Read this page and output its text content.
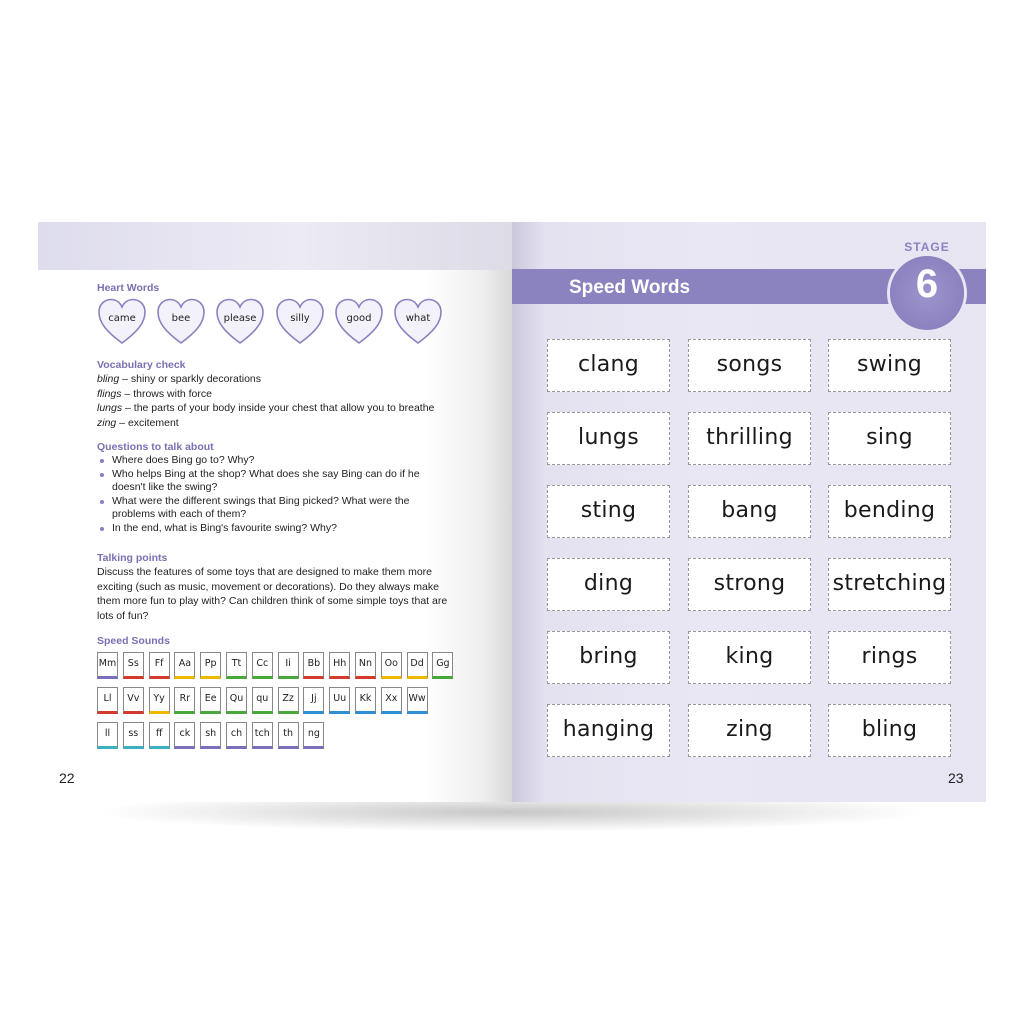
Heart Words
came	bee	please	silly	good	what
Vocabulary check
bling – shiny or sparkly decorations
flings – throws with force
lungs – the parts of your body inside your chest that allow you to breathe
zing – excitement
Questions to talk about
Where does Bing go to? Why?
Who helps Bing at the shop? What does she say Bing can do if he doesn't like the swing?
What were the different swings that Bing picked? What were the problems with each of them?
In the end, what is Bing's favourite swing? Why?
Talking points
Discuss the features of some toys that are designed to make them more exciting (such as music, movement or decorations). Do they always make them more fun to play with? Can children think of some simple toys that are lots of fun?
Speed Sounds
Mm	Ss	Ff	Aa	Pp	Tt	Cc	Ii	Bb	Hh	Nn	Oo	Dd	Gg
Ll	Vv	Yy	Rr	Ee	Qu	qu	Zz	Jj	Uu	Kk	Xx	Ww
ll	ss	ff	ck	sh	ch	tch	th	ng
22	23
Speed Words
STAGE
6
clang	songs	swing
lungs	thrilling	sing
sting	bang	bending
ding	strong	stretching
bring	king	rings
hanging	zing	bling
